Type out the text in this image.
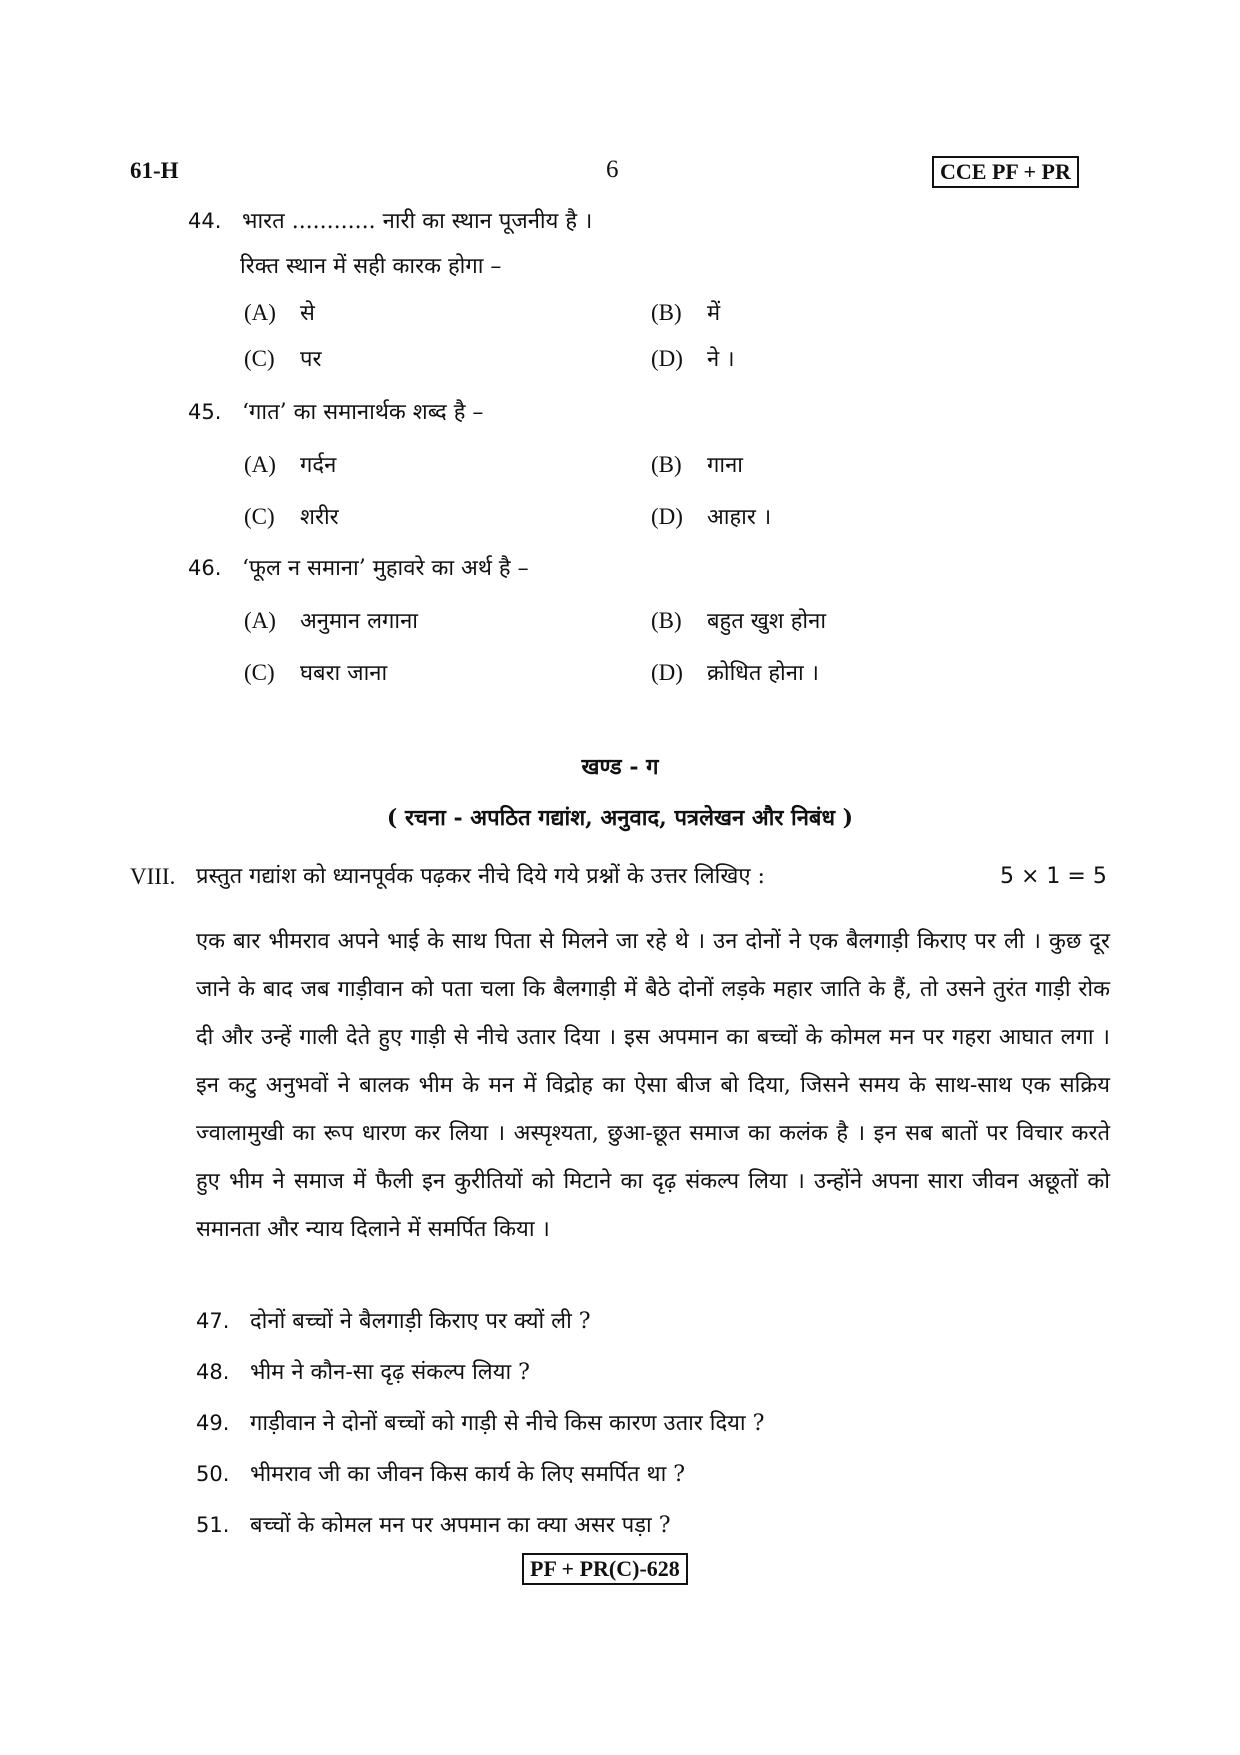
61-H	6	CCE PF + PR
44. भारत ............ नारी का स्थान पूजनीय है ।
रिक्त स्थान में सही कारक होगा –
(A) से	(B) में
(C) पर	(D) ने ।
45. ‘गात’ का समानार्थक शब्द है –
(A) गर्दन	(B) गाना
(C) शरीर	(D) आहार ।
46. ‘फूल न समाना’ मुहावरे का अर्थ है –
(A) अनुमान लगाना	(B) बहुत खुश होना
(C) घबरा जाना	(D) क्रोधित होना ।
खण्ड - ग
( रचना - अपठित गद्यांश, अनुवाद, पत्रलेखन और निबंध )
VIII. प्रस्तुत गद्यांश को ध्यानपूर्वक पढ़कर नीचे दिये गये प्रश्नों के उत्तर लिखिए :	5 × 1 = 5

एक बार भीमराव अपने भाई के साथ पिता से मिलने जा रहे थे । उन दोनों ने एक बैलगाड़ी किराए पर ली । कुछ दूर जाने के बाद जब गाड़ीवान को पता चला कि बैलगाड़ी में बैठे दोनों लड़के महार जाति के हैं, तो उसने तुरंत गाड़ी रोक दी और उन्हें गाली देते हुए गाड़ी से नीचे उतार दिया । इस अपमान का बच्चों के कोमल मन पर गहरा आघात लगा । इन कटु अनुभवों ने बालक भीम के मन में विद्रोह का ऐसा बीज बो दिया, जिसने समय के साथ-साथ एक सक्रिय ज्वालामुखी का रूप धारण कर लिया । अस्पृश्यता, छुआ-छूत समाज का कलंक है । इन सब बातों पर विचार करते हुए भीम ने समाज में फैली इन कुरीतियों को मिटाने का दृढ़ संकल्प लिया । उन्होंने अपना सारा जीवन अछूतों को समानता और न्याय दिलाने में समर्पित किया ।

47. दोनों बच्चों ने बैलगाड़ी किराए पर क्यों ली ?
48. भीम ने कौन-सा दृढ़ संकल्प लिया ?
49. गाड़ीवान ने दोनों बच्चों को गाड़ी से नीचे किस कारण उतार दिया ?
50. भीमराव जी का जीवन किस कार्य के लिए समर्पित था ?
51. बच्चों के कोमल मन पर अपमान का क्या असर पड़ा ?
PF + PR(C)-628
